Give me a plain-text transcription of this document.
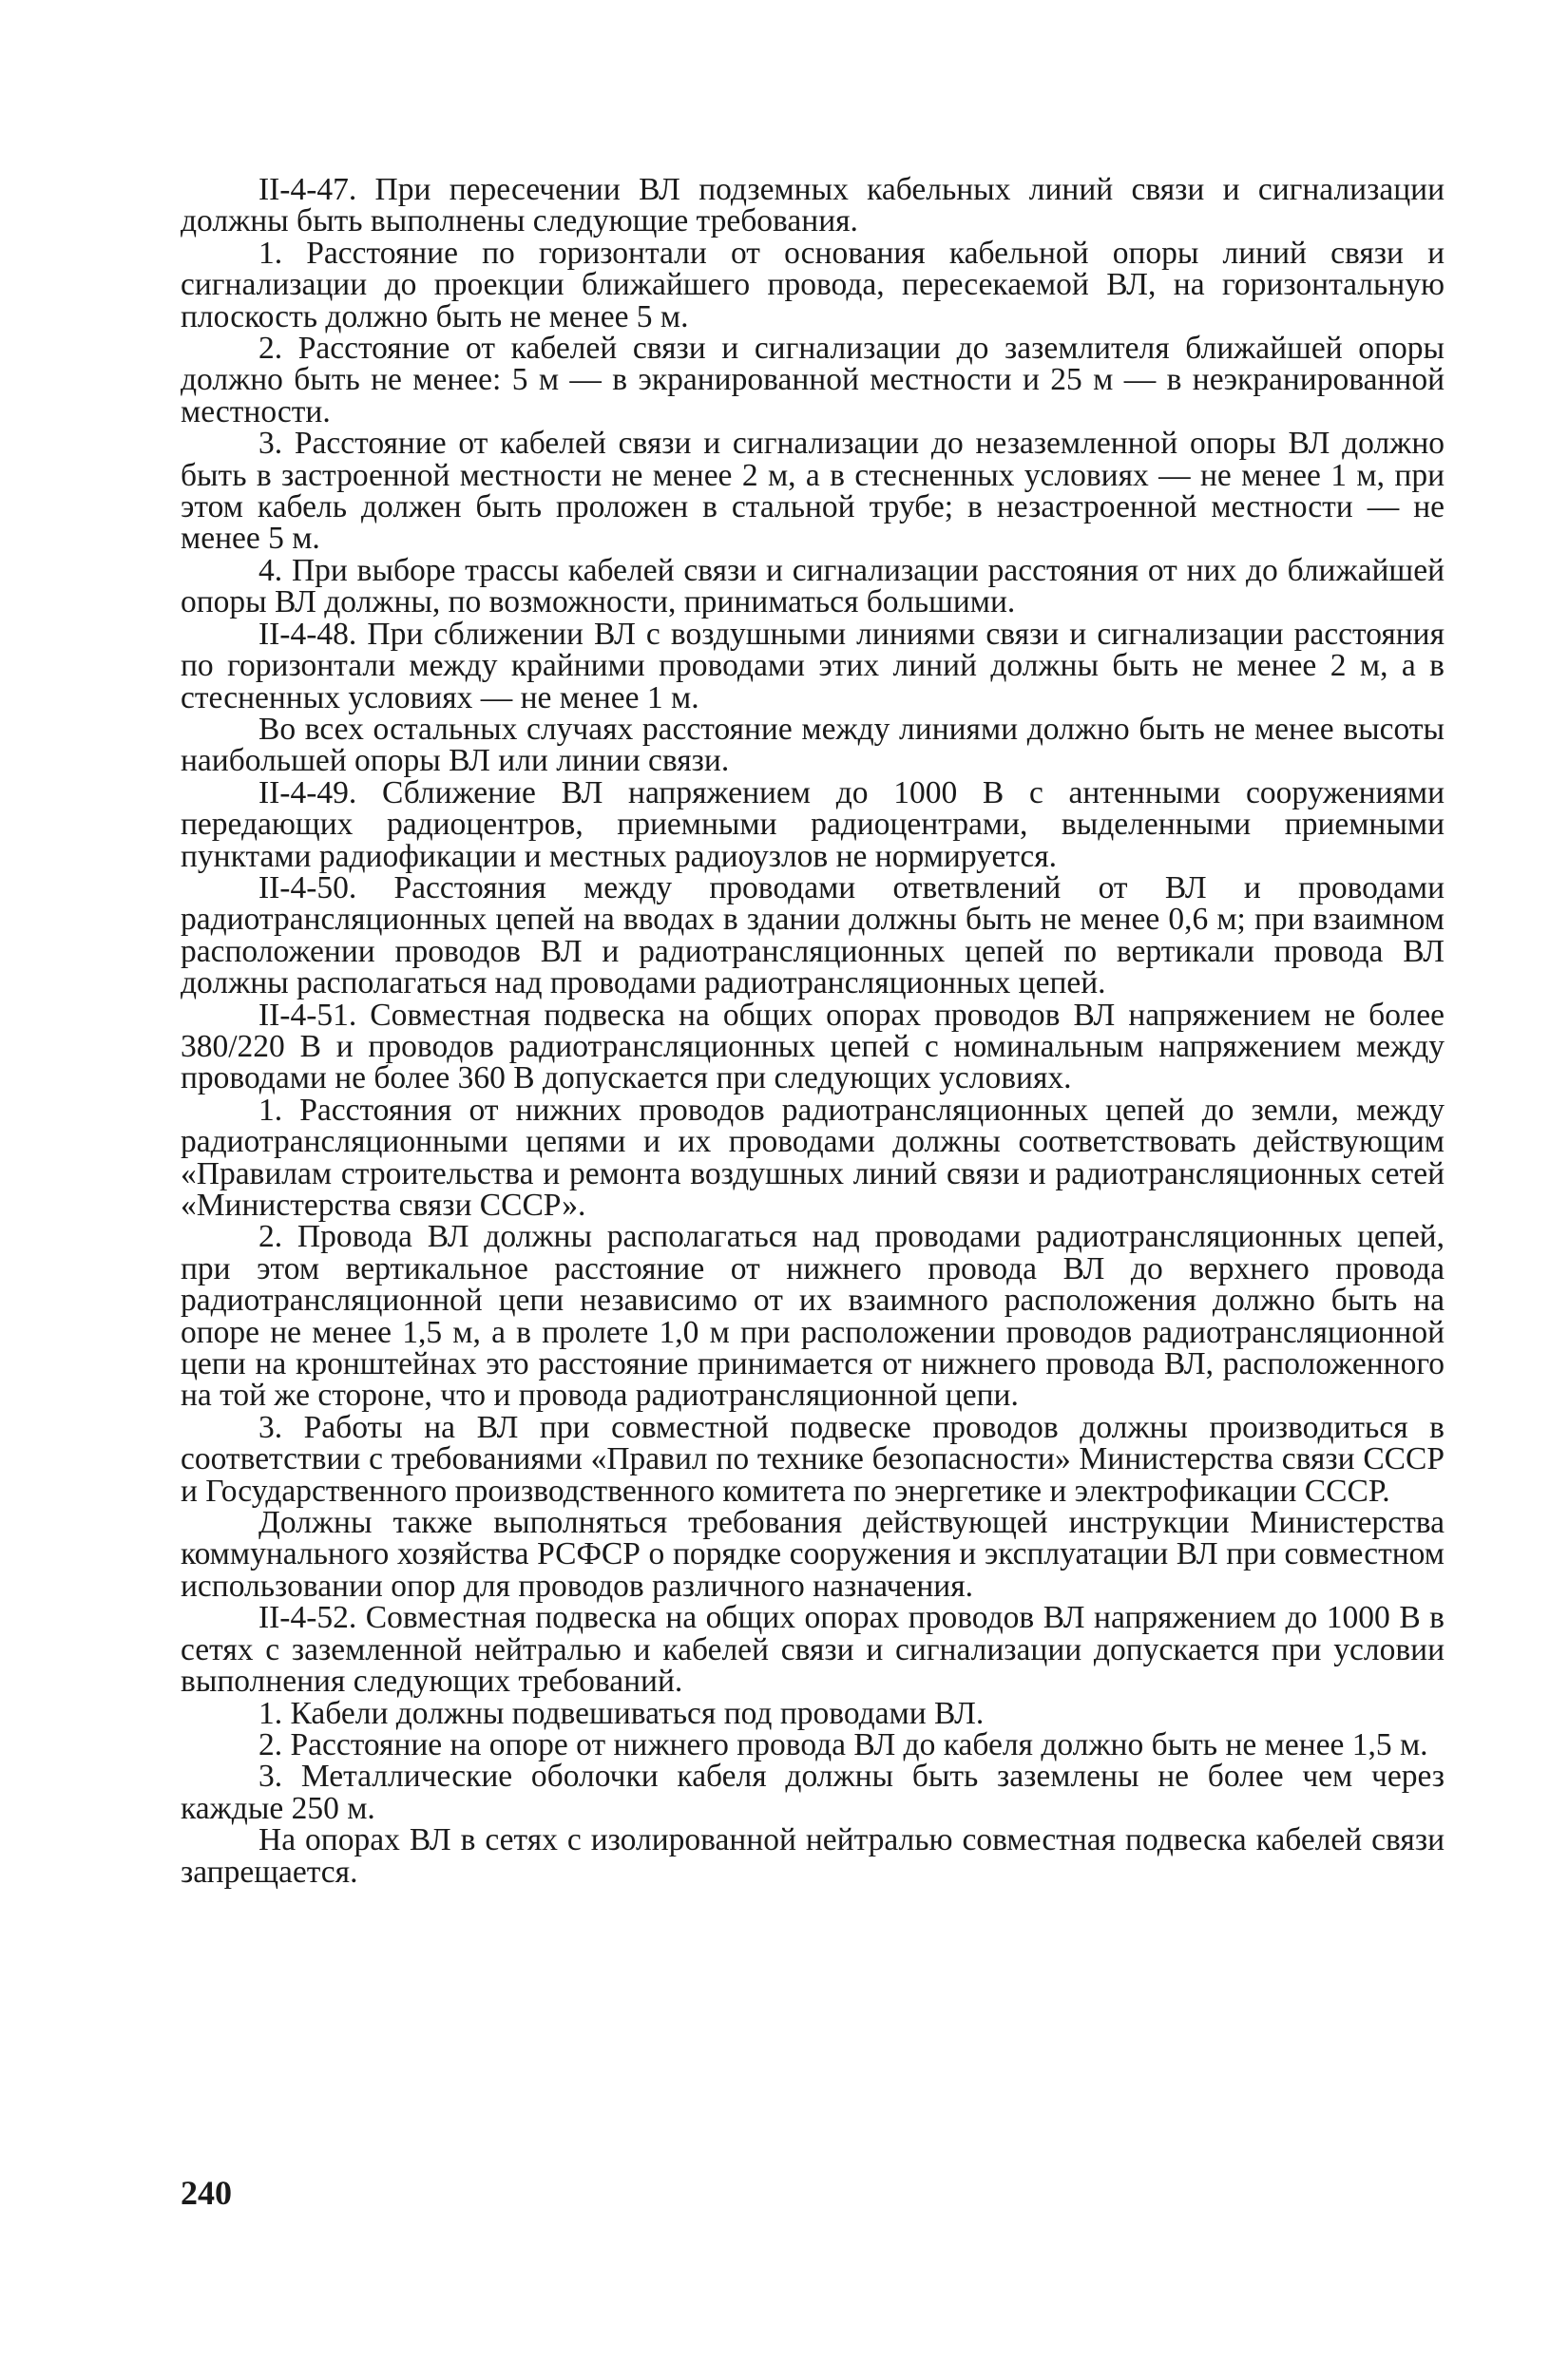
II-4-47. При пересечении ВЛ подземных кабельных линий связи и сигнализации должны быть выполнены следующие требования.

1. Расстояние по горизонтали от основания кабельной опоры линий связи и сигнализации до проекции ближайшего провода, пересекаемой ВЛ, на горизонтальную плоскость должно быть не менее 5 м.

2. Расстояние от кабелей связи и сигнализации до заземлителя ближайшей опоры должно быть не менее: 5 м — в экранированной местности и 25 м — в неэкранированной местности.

3. Расстояние от кабелей связи и сигнализации до незаземленной опоры ВЛ должно быть в застроенной местности не менее 2 м, а в стесненных условиях — не менее 1 м, при этом кабель должен быть проложен в стальной трубе; в незастроенной местности — не менее 5 м.

4. При выборе трассы кабелей связи и сигнализации расстояния от них до ближайшей опоры ВЛ должны, по возможности, приниматься большими.

II-4-48. При сближении ВЛ с воздушными линиями связи и сигнализации расстояния по горизонтали между крайними проводами этих линий должны быть не менее 2 м, а в стесненных условиях — не менее 1 м.

Во всех остальных случаях расстояние между линиями должно быть не менее высоты наибольшей опоры ВЛ или линии связи.

II-4-49. Сближение ВЛ напряжением до 1000 В с антенными сооружениями передающих радиоцентров, приемными радиоцентрами, выделенными приемными пунктами радиофикации и местных радиоузлов не нормируется.

II-4-50. Расстояния между проводами ответвлений от ВЛ и проводами радиотрансляционных цепей на вводах в здании должны быть не менее 0,6 м; при взаимном расположении проводов ВЛ и радиотрансляционных цепей по вертикали провода ВЛ должны располагаться над проводами радиотрансляционных цепей.

II-4-51. Совместная подвеска на общих опорах проводов ВЛ напряжением не более 380/220 В и проводов радиотрансляционных цепей с номинальным напряжением между проводами не более 360 В допускается при следующих условиях.

1. Расстояния от нижних проводов радиотрансляционных цепей до земли, между радиотрансляционными цепями и их проводами должны соответствовать действующим «Правилам строительства и ремонта воздушных линий связи и радиотрансляционных сетей «Министерства связи СССР».

2. Провода ВЛ должны располагаться над проводами радиотрансляционных цепей, при этом вертикальное расстояние от нижнего провода ВЛ до верхнего провода радиотрансляционной цепи независимо от их взаимного расположения должно быть на опоре не менее 1,5 м, а в пролете 1,0 м при расположении проводов радиотрансляционной цепи на кронштейнах это расстояние принимается от нижнего провода ВЛ, расположенного на той же стороне, что и провода радиотрансляционной цепи.

3. Работы на ВЛ при совместной подвеске проводов должны производиться в соответствии с требованиями «Правил по технике безопасности» Министерства связи СССР и Государственного производственного комитета по энергетике и электрофикации СССР.

Должны также выполняться требования действующей инструкции Министерства коммунального хозяйства РСФСР о порядке сооружения и эксплуатации ВЛ при совместном использовании опор для проводов различного назначения.

II-4-52. Совместная подвеска на общих опорах проводов ВЛ напряжением до 1000 В в сетях с заземленной нейтралью и кабелей связи и сигнализации допускается при условии выполнения следующих требований.

1. Кабели должны подвешиваться под проводами ВЛ.

2. Расстояние на опоре от нижнего провода ВЛ до кабеля должно быть не менее 1,5 м.

3. Металлические оболочки кабеля должны быть заземлены не более чем через каждые 250 м.

На опорах ВЛ в сетях с изолированной нейтралью совместная подвеска кабелей связи запрещается.

240
